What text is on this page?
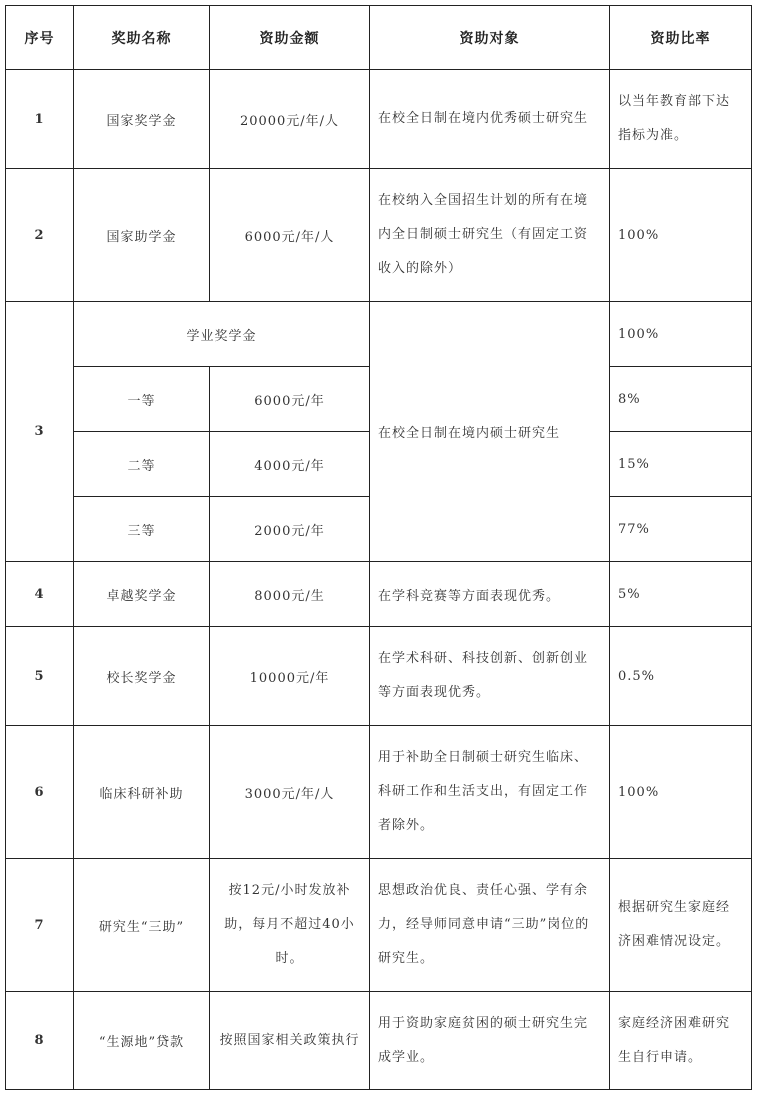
序号	奖助名称	资助金额	资助对象	资助比率
1	国家奖学金	20000元/年/人	在校全日制在境内优秀硕士研究生	以当年教育部下达指标为准。
2	国家助学金	6000元/年/人	在校纳入全国招生计划的所有在境内全日制硕士研究生（有固定工资收入的除外）	100%
3	学业奖学金		在校全日制在境内硕士研究生	100%
	一等	6000元/年		8%
	二等	4000元/年		15%
	三等	2000元/年		77%
4	卓越奖学金	8000元/生	在学科竞赛等方面表现优秀。	5%
5	校长奖学金	10000元/年	在学术科研、科技创新、创新创业等方面表现优秀。	0.5%
6	临床科研补助	3000元/年/人	用于补助全日制硕士研究生临床、科研工作和生活支出，有固定工作者除外。	100%
7	研究生“三助”	按12元/小时发放补助，每月不超过40小时。	思想政治优良、责任心强、学有余力，经导师同意申请“三助”岗位的研究生。	根据研究生家庭经济困难情况设定。
8	“生源地”贷款	按照国家相关政策执行	用于资助家庭贫困的硕士研究生完成学业。	家庭经济困难研究生自行申请。
